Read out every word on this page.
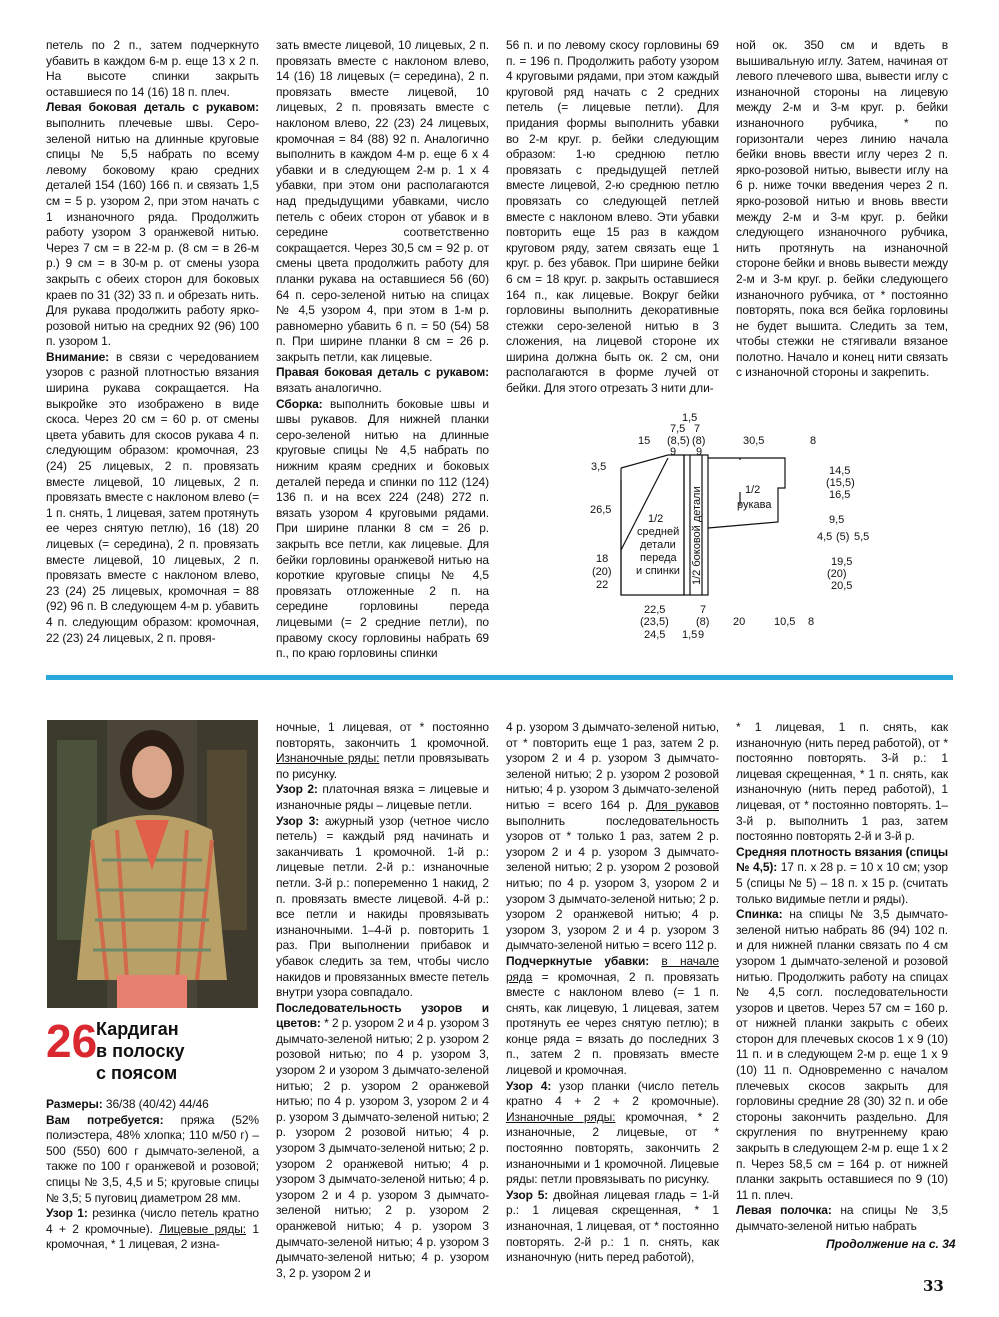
петель по 2 п., затем подчеркнуто убавить в каждом 6-м р. еще 13 х 2 п. На высоте спинки закрыть оставшиеся по 14 (16) 18 п. плеч.

Левая боковая деталь с рукавом: выполнить плечевые швы. Серо-зеленой нитью на длинные круговые спицы № 5,5 набрать по всему левому боковому краю средних деталей 154 (160) 166 п. и связать 1,5 см = 5 р. узором 2, при этом начать с 1 изнаночного ряда. Продолжить работу узором 3 оранжевой нитью. Через 7 см = в 22-м р. (8 см = в 26-м р.) 9 см = в 30-м р. от смены узора закрыть с обеих сторон для боковых краев по 31 (32) 33 п. и обрезать нить. Для рукава продолжить работу ярко-розовой нитью на средних 92 (96) 100 п. узором 1.

Внимание: в связи с чередованием узоров с разной плотностью вязания ширина рукава сокращается. На выкройке это изображено в виде скоса. Через 20 см = 60 р. от смены цвета убавить для скосов рукава 4 п. следующим образом: кромочная, 23 (24) 25 лицевых, 2 п. провязать вместе лицевой, 10 лицевых, 2 п. провязать вместе с наклоном влево (= 1 п. снять, 1 лицевая, затем протянуть ее через снятую петлю), 16 (18) 20 лицевых (= середина), 2 п. провязать вместе лицевой, 10 лицевых, 2 п. провязать вместе с наклоном влево, 23 (24) 25 лицевых, кромочная = 88 (92) 96 п. В следующем 4-м р. убавить 4 п. следующим образом: кромочная, 22 (23) 24 лицевых, 2 п. провя-

зать вместе лицевой, 10 лицевых, 2 п. провязать вместе с наклоном влево, 14 (16) 18 лицевых (= середина), 2 п. провязать вместе лицевой, 10 лицевых, 2 п. провязать вместе с наклоном влево, 22 (23) 24 лицевых, кромочная = 84 (88) 92 п. Аналогично выполнить в каждом 4-м р. еще 6 х 4 убавки и в следующем 2-м р. 1 х 4 убавки, при этом они располагаются над предыдущими убавками, число петель с обеих сторон от убавок и в середине соответственно сокращается. Через 30,5 см = 92 р. от смены цвета продолжить работу для планки рукава на оставшиеся 56 (60) 64 п. серо-зеленой нитью на спицах № 4,5 узором 4, при этом в 1-м р. равномерно убавить 6 п. = 50 (54) 58 п. При ширине планки 8 см = 26 р. закрыть петли, как лицевые.

Правая боковая деталь с рукавом: вязать аналогично.

Сборка: выполнить боковые швы и швы рукавов. Для нижней планки серо-зеленой нитью на длинные круговые спицы № 4,5 набрать по нижним краям средних и боковых деталей переда и спинки по 112 (124) 136 п. и на всех 224 (248) 272 п. вязать узором 4 круговыми рядами. При ширине планки 8 см = 26 р. закрыть все петли, как лицевые. Для бейки горловины оранжевой нитью на короткие круговые спицы № 4,5 провязать отложенные 2 п. на середине горловины переда лицевыми (= 2 средние петли), по правому скосу горловины набрать 69 п., по краю горловины спинки

56 п. и по левому скосу горловины 69 п. = 196 п. Продолжить работу узором 4 круговыми рядами, при этом каждый круговой ряд начать с 2 средних петель (= лицевые петли). Для придания формы выполнить убавки во 2-м круг. р. бейки следующим образом: 1-ю среднюю петлю провязать с предыдущей петлей вместе лицевой, 2-ю среднюю петлю провязать со следующей петлей вместе с наклоном влево. Эти убавки повторить еще 15 раз в каждом круговом ряду, затем связать еще 1 круг. р. без убавок. При ширине бейки 6 см = 18 круг. р. закрыть оставшиеся 164 п., как лицевые. Вокруг бейки горловины выполнить декоративные стежки серо-зеленой нитью в 3 сложения, на лицевой стороне их ширина должна быть ок. 2 см, они располагаются в форме лучей от бейки. Для этого отрезать 3 нити дли-

ной ок. 350 см и вдеть в вышивальную иглу. Затем, начиная от левого плечевого шва, вывести иглу с изнаночной стороны на лицевую между 2-м и 3-м круг. р. бейки изнаночного рубчика, * по горизонтали через линию начала бейки вновь ввести иглу через 2 п. ярко-розовой нитью, вывести иглу на 6 р. ниже точки введения через 2 п. ярко-розовой нитью и вновь ввести между 2-м и 3-м круг. р. бейки следующего изнаночного рубчика, нить протянуть на изнаночной стороне бейки и вновь вывести между 2-м и 3-м круг. р. бейки следующего изнаночного рубчика, от * постоянно повторять, пока вся бейка горловины не будет вышита. Следить за тем, чтобы стежки не стягивали вязаное полотно. Начало и конец нити связать с изнаночной стороны и закрепить.

1,5
7,5 7
15 (8,5) (8)
9 9
30,5	8
3,5	14,5
(15,5)
16,5
26,5
1/2
рукава
9,5
4,5 (5) 5,5
1/2
средней
детали
переда
и спинки 1/2 боковой детали
18
(20)
22
19,5
(20)
20,5
22,5
(23,5)
24,5
7
(8)
1,5 9
20	10,5 8
26
Кардиган
в полоску
с поясом

Размеры: 36/38 (40/42) 44/46

Вам потребуется: пряжа (52% полиэстера, 48% хлопка; 110 м/50 г) – 500 (550) 600 г дымчато-зеленой, а также по 100 г оранжевой и розовой; спицы № 3,5, 4,5 и 5; круговые спицы № 3,5; 5 пуговиц диаметром 28 мм.

Узор 1: резинка (число петель кратно 4 + 2 кромочные). Лицевые ряды: 1 кромочная, * 1 лицевая, 2 изна-

ночные, 1 лицевая, от * постоянно повторять, закончить 1 кромочной. Изнаночные ряды: петли провязывать по рисунку.

Узор 2: платочная вязка = лицевые и изнаночные ряды – лицевые петли.

Узор 3: ажурный узор (четное число петель) = каждый ряд начинать и заканчивать 1 кромочной. 1-й р.: лицевые петли. 2-й р.: изнаночные петли. 3-й р.: попеременно 1 накид, 2 п. провязать вместе лицевой. 4-й р.: все петли и накиды провязывать изнаночными. 1–4-й р. повторить 1 раз. При выполнении прибавок и убавок следить за тем, чтобы число накидов и провязанных вместе петель внутри узора совпадало.

Последовательность узоров и цветов: * 2 р. узором 2 и 4 р. узором 3 дымчато-зеленой нитью; 2 р. узором 2 розовой нитью; по 4 р. узором 3, узором 2 и узором 3 дымчато-зеленой нитью; 2 р. узором 2 оранжевой нитью; по 4 р. узором 3, узором 2 и 4 р. узором 3 дымчато-зеленой нитью; 2 р. узором 2 розовой нитью; 4 р. узором 3 дымчато-зеленой нитью; 2 р. узором 2 оранжевой нитью; 4 р. узором 3 дымчато-зеленой нитью; 4 р. узором 2 и 4 р. узором 3 дымчато-зеленой нитью; 2 р. узором 2 оранжевой нитью; 4 р. узором 3 дымчато-зеленой нитью; 4 р. узором 3 дымчато-зеленой нитью; 4 р. узором 3, 2 р. узором 2 и

4 р. узором 3 дымчато-зеленой нитью, от * повторить еще 1 раз, затем 2 р. узором 2 и 4 р. узором 3 дымчато-зеленой нитью; 2 р. узором 2 розовой нитью; 4 р. узором 3 дымчато-зеленой нитью = всего 164 р. Для рукавов выполнить последовательность узоров от * только 1 раз, затем 2 р. узором 2 и 4 р. узором 3 дымчато-зеленой нитью; 2 р. узором 2 розовой нитью; по 4 р. узором 3, узором 2 и узором 3 дымчато-зеленой нитью; 2 р. узором 2 оранжевой нитью; 4 р. узором 3, узором 2 и 4 р. узором 3 дымчато-зеленой нитью = всего 112 р.

Подчеркнутые убавки: в начале ряда = кромочная, 2 п. провязать вместе с наклоном влево (= 1 п. снять, как лицевую, 1 лицевая, затем протянуть ее через снятую петлю); в конце ряда = вязать до последних 3 п., затем 2 п. провязать вместе лицевой и кромочная.

Узор 4: узор планки (число петель кратно 4 + 2 + 2 кромочные). Изнаночные ряды: кромочная, * 2 изнаночные, 2 лицевые, от * постоянно повторять, закончить 2 изнаночными и 1 кромочной. Лицевые ряды: петли провязывать по рисунку.

Узор 5: двойная лицевая гладь = 1-й р.: 1 лицевая скрещенная, * 1 изнаночная, 1 лицевая, от * постоянно повторять. 2-й р.: 1 п. снять, как изнаночную (нить перед работой),

* 1 лицевая, 1 п. снять, как изнаночную (нить перед работой), от * постоянно повторять. 3-й р.: 1 лицевая скрещенная, * 1 п. снять, как изнаночную (нить перед работой), 1 лицевая, от * постоянно повторять. 1–3-й р. выполнить 1 раз, затем постоянно повторять 2-й и 3-й р.

Средняя плотность вязания (спицы № 4,5): 17 п. х 28 р. = 10 х 10 см; узор 5 (спицы № 5) – 18 п. х 15 р. (считать только видимые петли и ряды).

Спинка: на спицы № 3,5 дымчато-зеленой нитью набрать 86 (94) 102 п. и для нижней планки связать по 4 см узором 1 дымчато-зеленой и розовой нитью. Продолжить работу на спицах № 4,5 согл. последовательности узоров и цветов. Через 57 см = 160 р. от нижней планки закрыть с обеих сторон для плечевых скосов 1 х 9 (10) 11 п. и в следующем 2-м р. еще 1 х 9 (10) 11 п. Одновременно с началом плечевых скосов закрыть для горловины средние 28 (30) 32 п. и обе стороны закончить раздельно. Для скругления по внутреннему краю закрыть в следующем 2-м р. еще 1 х 2 п. Через 58,5 см = 164 р. от нижней планки закрыть оставшиеся по 9 (10) 11 п. плеч.

Левая полочка: на спицы № 3,5 дымчато-зеленой нитью набрать

Продолжение на с. 34
33
